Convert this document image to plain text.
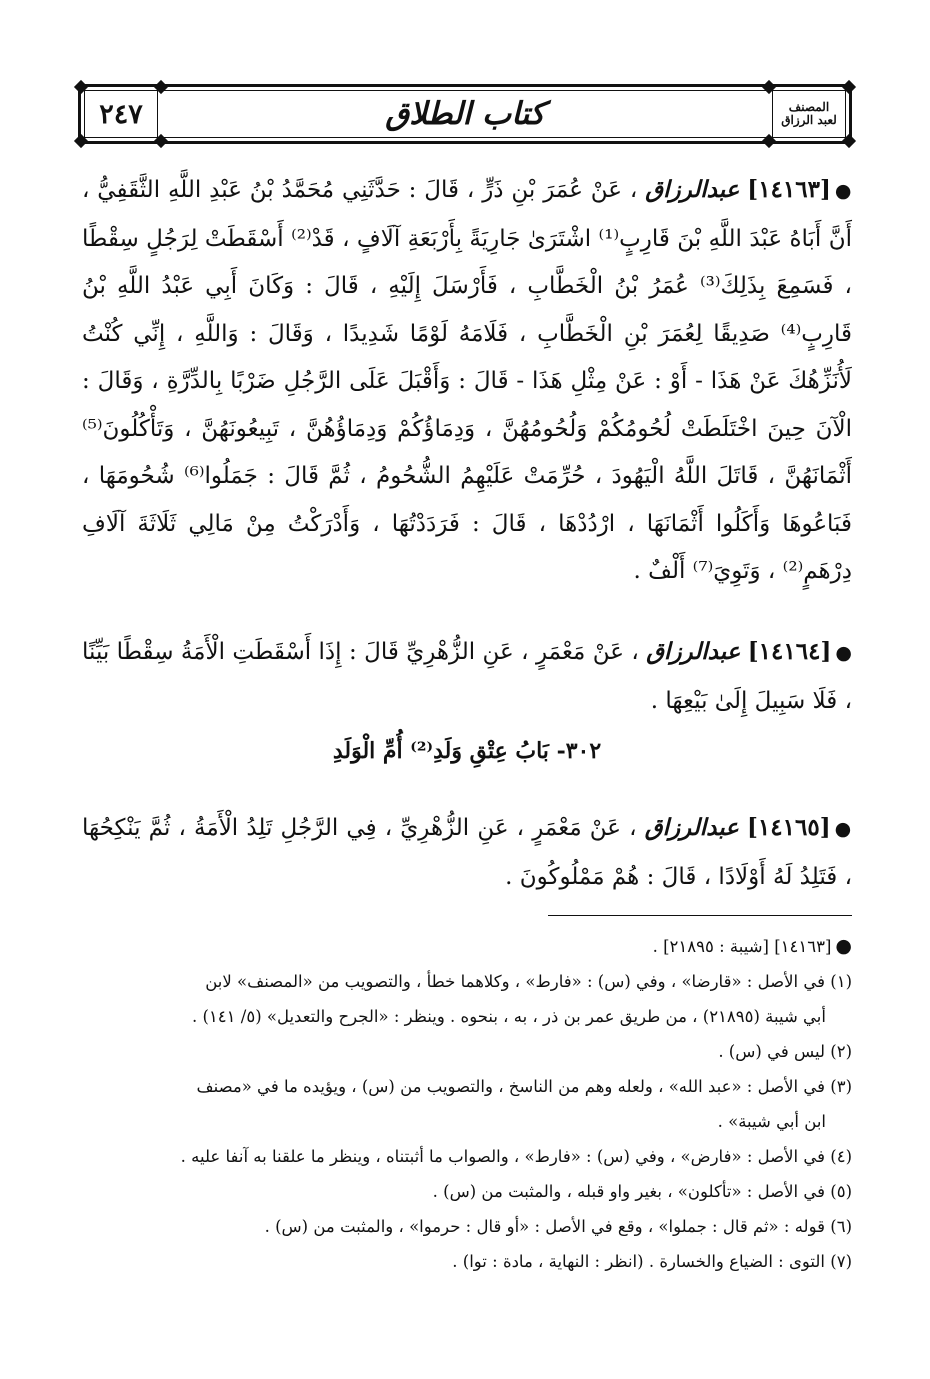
المصنف
لعبد الرزاق
كتاب الطلاق
٢٤٧
●[١٤١٦٣] عبدالرزاق ، عَنْ عُمَرَ بْنِ ذَرٍّ ، قَالَ : حَدَّثَنِي مُحَمَّدُ بْنُ عَبْدِ اللَّهِ الثَّقَفِيُّ ، أَنَّ أَبَاهُ عَبْدَ اللَّهِ بْنَ قَارِبٍ⁽¹⁾ اشْتَرَىٰ جَارِيَةً بِأَرْبَعَةِ آلَافٍ ، قَدْ⁽²⁾ أَسْقَطَتْ لِرَجُلٍ سِقْطًا ، فَسَمِعَ بِذَلِكَ⁽³⁾ عُمَرُ بْنُ الْخَطَّابِ ، فَأَرْسَلَ إِلَيْهِ ، قَالَ : وَكَانَ أَبِي عَبْدُ اللَّهِ بْنُ قَارِبٍ⁽⁴⁾ صَدِيقًا لِعُمَرَ بْنِ الْخَطَّابِ ، فَلَامَهُ لَوْمًا شَدِيدًا ، وَقَالَ : وَاللَّهِ ، إِنِّي كُنْتُ لَأُنَزِّهُكَ عَنْ هَذَا - أَوْ : عَنْ مِثْلِ هَذَا - قَالَ : وَأَقْبَلَ عَلَى الرَّجُلِ ضَرْبًا بِالدِّرَّةِ ، وَقَالَ : الْآنَ حِينَ اخْتَلَطَتْ لُحُومُكُمْ وَلُحُومُهُنَّ ، وَدِمَاؤُكُمْ وَدِمَاؤُهُنَّ ، تَبِيعُونَهُنَّ ، وَتَأْكُلُونَ⁽⁵⁾ أَثْمَانَهُنَّ ، قَاتَلَ اللَّهُ الْيَهُودَ ، حُرِّمَتْ عَلَيْهِمُ الشُّحُومُ ، ثُمَّ قَالَ : جَمَلُوا⁽⁶⁾ شُحُومَهَا ، فَبَاعُوهَا وَأَكَلُوا أَثْمَانَهَا ، ارْدُدْهَا ، قَالَ : فَرَدَدْتُهَا ، وَأَدْرَكْتُ مِنْ مَالِي ثَلَاثَةَ آلَافِ دِرْهَمٍ⁽²⁾ ، وَتَوِيَ⁽⁷⁾ أَلْفٌ .
●[١٤١٦٤] عبدالرزاق ، عَنْ مَعْمَرٍ ، عَنِ الزُّهْرِيِّ قَالَ : إِذَا أَسْقَطَتِ الْأَمَةُ سِقْطًا بَيِّنًا ، فَلَا سَبِيلَ إِلَىٰ بَيْعِهَا .
٣٠٢- بَابُ عِتْقِ وَلَدِ⁽²⁾ أُمِّ الْوَلَدِ
●[١٤١٦٥] عبدالرزاق ، عَنْ مَعْمَرٍ ، عَنِ الزُّهْرِيِّ ، فِي الرَّجُلِ تَلِدُ الْأَمَةُ ، ثُمَّ يَنْكِحُهَا ، فَتَلِدُ لَهُ أَوْلَادًا ، قَالَ : هُمْ مَمْلُوكُونَ .

●[١٤١٦٣] [شيبة : ٢١٨٩٥] .

(١) في الأصل : «قارضا» ، وفي (س) : «فارط» ، وكلاهما خطأ ، والتصويب من «المصنف» لابن

أبي شيبة (٢١٨٩٥) ، من طريق عمر بن ذر ، به ، بنحوه . وينظر : «الجرح والتعديل» (٥/ ١٤١) .

(٢) ليس في (س) .

(٣) في الأصل : «عبد الله» ، ولعله وهم من الناسخ ، والتصويب من (س) ، ويؤيده ما في «مصنف

ابن أبي شيبة» .

(٤) في الأصل : «فارض» ، وفي (س) : «فارط» ، والصواب ما أثبتناه ، وينظر ما علقنا به آنفا عليه .

(٥) في الأصل : «تأكلون» ، بغير واو قبله ، والمثبت من (س) .

(٦) قوله : «ثم قال : جملوا» ، وقع في الأصل : «أو قال : حرموا» ، والمثبت من (س) .

(٧) التوى : الضياع والخسارة . (انظر : النهاية ، مادة : توا) .
